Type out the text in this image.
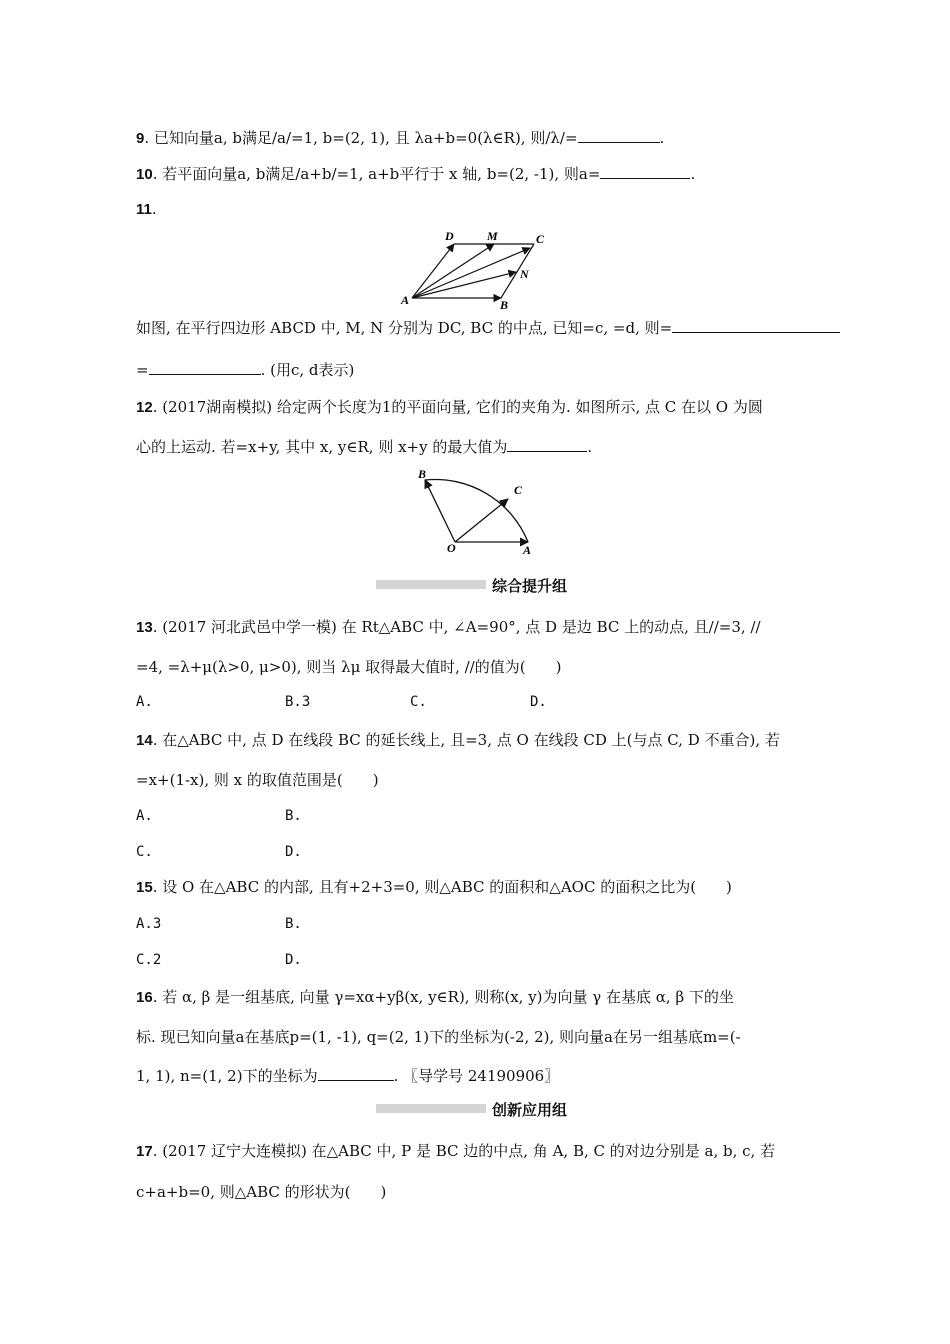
9. 已知向量a, b满足/a/=1, b=(2, 1), 且 λa+b=0(λ∈R), 则/λ/=	.
10. 若平面向量a, b满足/a+b/=1, a+b平行于 x 轴, b=(2, -1), 则a=	.
11.
D	M	C
N
A	B
如图, 在平行四边形 ABCD 中, M, N 分别为 DC, BC 的中点, 已知=c, =d, 则=
=	. (用c, d表示)
12. (2017湖南模拟) 给定两个长度为1的平面向量, 它们的夹角为. 如图所示, 点 C 在以 O 为圆
心的上运动. 若=x+y, 其中 x, y∈R, 则 x+y 的最大值为	.
B
C
O	A
综合提升组
13. (2017 河北武邑中学一模) 在 Rt△ABC 中, ∠A=90°, 点 D 是边 BC 上的动点, 且//=3, //
=4, =λ+μ(λ>0, μ>0), 则当 λμ 取得最大值时, //的值为(　　)
A.	B.3	C.	D.
14. 在△ABC 中, 点 D 在线段 BC 的延长线上, 且=3, 点 O 在线段 CD 上(与点 C, D 不重合), 若
=x+(1-x), 则 x 的取值范围是(　　)
A.	B.
C.	D.
15. 设 O 在△ABC 的内部, 且有+2+3=0, 则△ABC 的面积和△AOC 的面积之比为(　　)
A.3	B.
C.2	D.
16. 若 α, β 是一组基底, 向量 γ=xα+yβ(x, y∈R), 则称(x, y)为向量 γ 在基底 α, β 下的坐
标. 现已知向量a在基底p=(1, -1), q=(2, 1)下的坐标为(-2, 2), 则向量a在另一组基底m=(-
1, 1), n=(1, 2)下的坐标为	. 〖导学号 24190906〗
创新应用组
17. (2017 辽宁大连模拟) 在△ABC 中, P 是 BC 边的中点, 角 A, B, C 的对边分别是 a, b, c, 若
c+a+b=0, 则△ABC 的形状为(　　)
